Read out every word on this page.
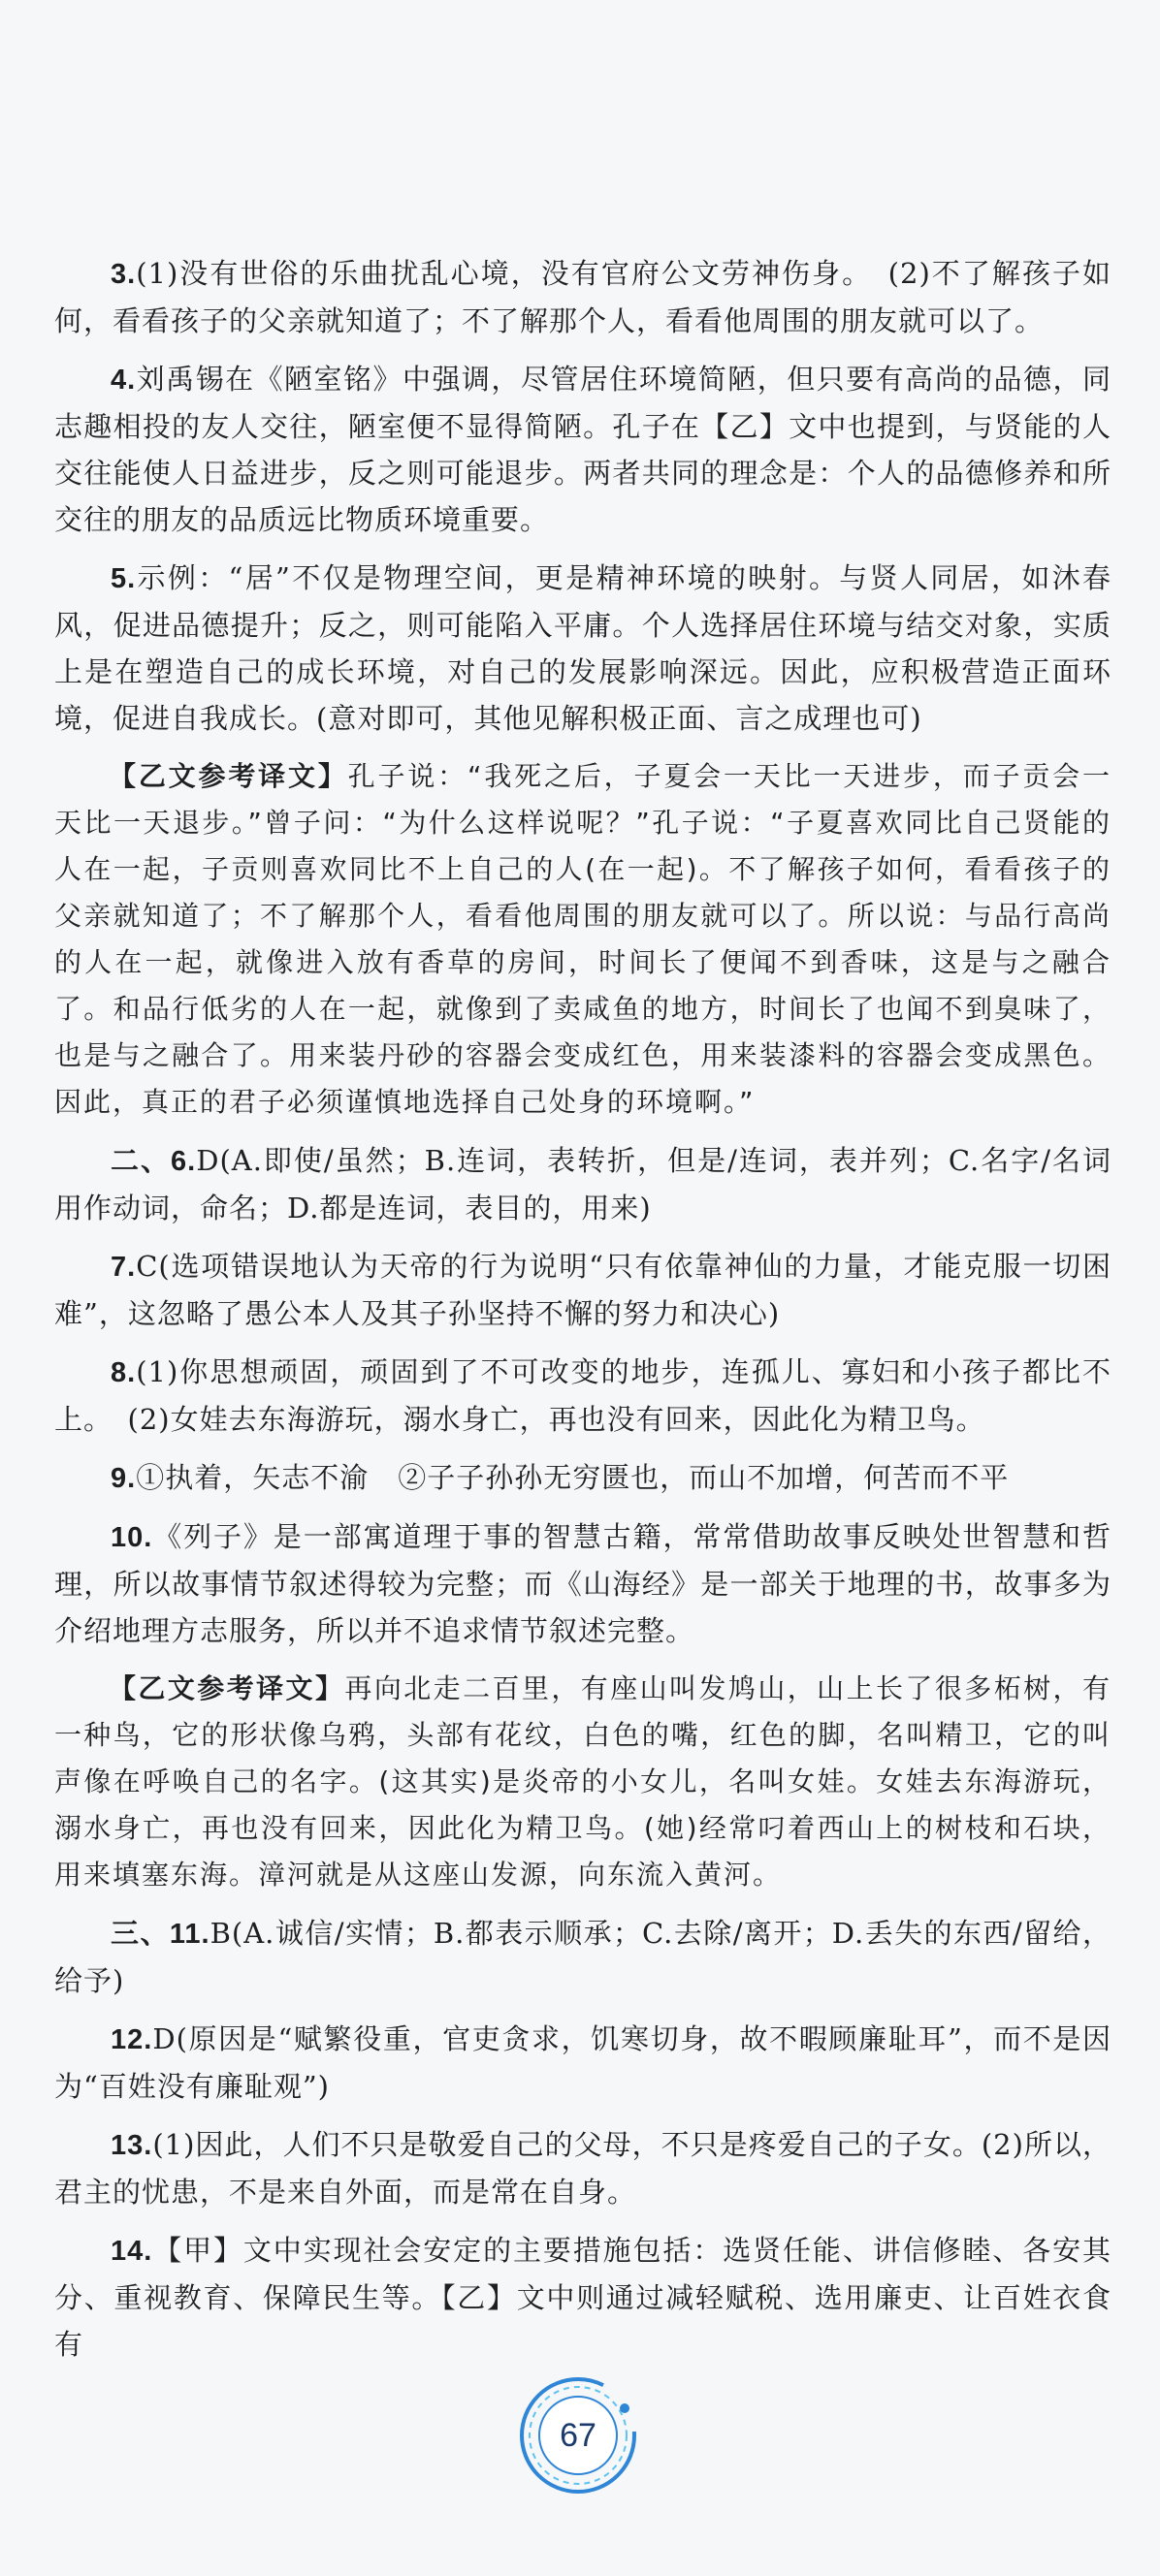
3.(1)没有世俗的乐曲扰乱心境，没有官府公文劳神伤身。　(2)不了解孩子如何，看看孩子的父亲就知道了；不了解那个人，看看他周围的朋友就可以了。

4.刘禹锡在《陋室铭》中强调，尽管居住环境简陋，但只要有高尚的品德，同志趣相投的友人交往，陋室便不显得简陋。孔子在【乙】文中也提到，与贤能的人交往能使人日益进步，反之则可能退步。两者共同的理念是：个人的品德修养和所交往的朋友的品质远比物质环境重要。

5.示例：“居”不仅是物理空间，更是精神环境的映射。与贤人同居，如沐春风，促进品德提升；反之，则可能陷入平庸。个人选择居住环境与结交对象，实质上是在塑造自己的成长环境，对自己的发展影响深远。因此，应积极营造正面环境，促进自我成长。(意对即可，其他见解积极正面、言之成理也可)

【乙文参考译文】孔子说：“我死之后，子夏会一天比一天进步，而子贡会一天比一天退步。”曾子问：“为什么这样说呢？”孔子说：“子夏喜欢同比自己贤能的人在一起，子贡则喜欢同比不上自己的人(在一起)。不了解孩子如何，看看孩子的父亲就知道了；不了解那个人，看看他周围的朋友就可以了。所以说：与品行高尚的人在一起，就像进入放有香草的房间，时间长了便闻不到香味，这是与之融合了。和品行低劣的人在一起，就像到了卖咸鱼的地方，时间长了也闻不到臭味了，也是与之融合了。用来装丹砂的容器会变成红色，用来装漆料的容器会变成黑色。因此，真正的君子必须谨慎地选择自己处身的环境啊。”

二、6.D(A.即使/虽然；B.连词，表转折，但是/连词，表并列；C.名字/名词用作动词，命名；D.都是连词，表目的，用来)

7.C(选项错误地认为天帝的行为说明“只有依靠神仙的力量，才能克服一切困难”，这忽略了愚公本人及其子孙坚持不懈的努力和决心)

8.(1)你思想顽固，顽固到了不可改变的地步，连孤儿、寡妇和小孩子都比不上。　(2)女娃去东海游玩，溺水身亡，再也没有回来，因此化为精卫鸟。

9.①执着，矢志不渝　②子子孙孙无穷匮也，而山不加增，何苦而不平

10.《列子》是一部寓道理于事的智慧古籍，常常借助故事反映处世智慧和哲理，所以故事情节叙述得较为完整；而《山海经》是一部关于地理的书，故事多为介绍地理方志服务，所以并不追求情节叙述完整。

【乙文参考译文】再向北走二百里，有座山叫发鸠山，山上长了很多柘树，有一种鸟，它的形状像乌鸦，头部有花纹，白色的嘴，红色的脚，名叫精卫，它的叫声像在呼唤自己的名字。(这其实)是炎帝的小女儿，名叫女娃。女娃去东海游玩，溺水身亡，再也没有回来，因此化为精卫鸟。(她)经常叼着西山上的树枝和石块，用来填塞东海。漳河就是从这座山发源，向东流入黄河。

三、11.B(A.诚信/实情；B.都表示顺承；C.去除/离开；D.丢失的东西/留给，给予)

12.D(原因是“赋繁役重，官吏贪求，饥寒切身，故不暇顾廉耻耳”，而不是因为“百姓没有廉耻观”)

13.(1)因此，人们不只是敬爱自己的父母，不只是疼爱自己的子女。(2)所以，君主的忧患，不是来自外面，而是常在自身。

14.【甲】文中实现社会安定的主要措施包括：选贤任能、讲信修睦、各安其分、重视教育、保障民生等。【乙】文中则通过减轻赋税、选用廉吏、让百姓衣食有

67
